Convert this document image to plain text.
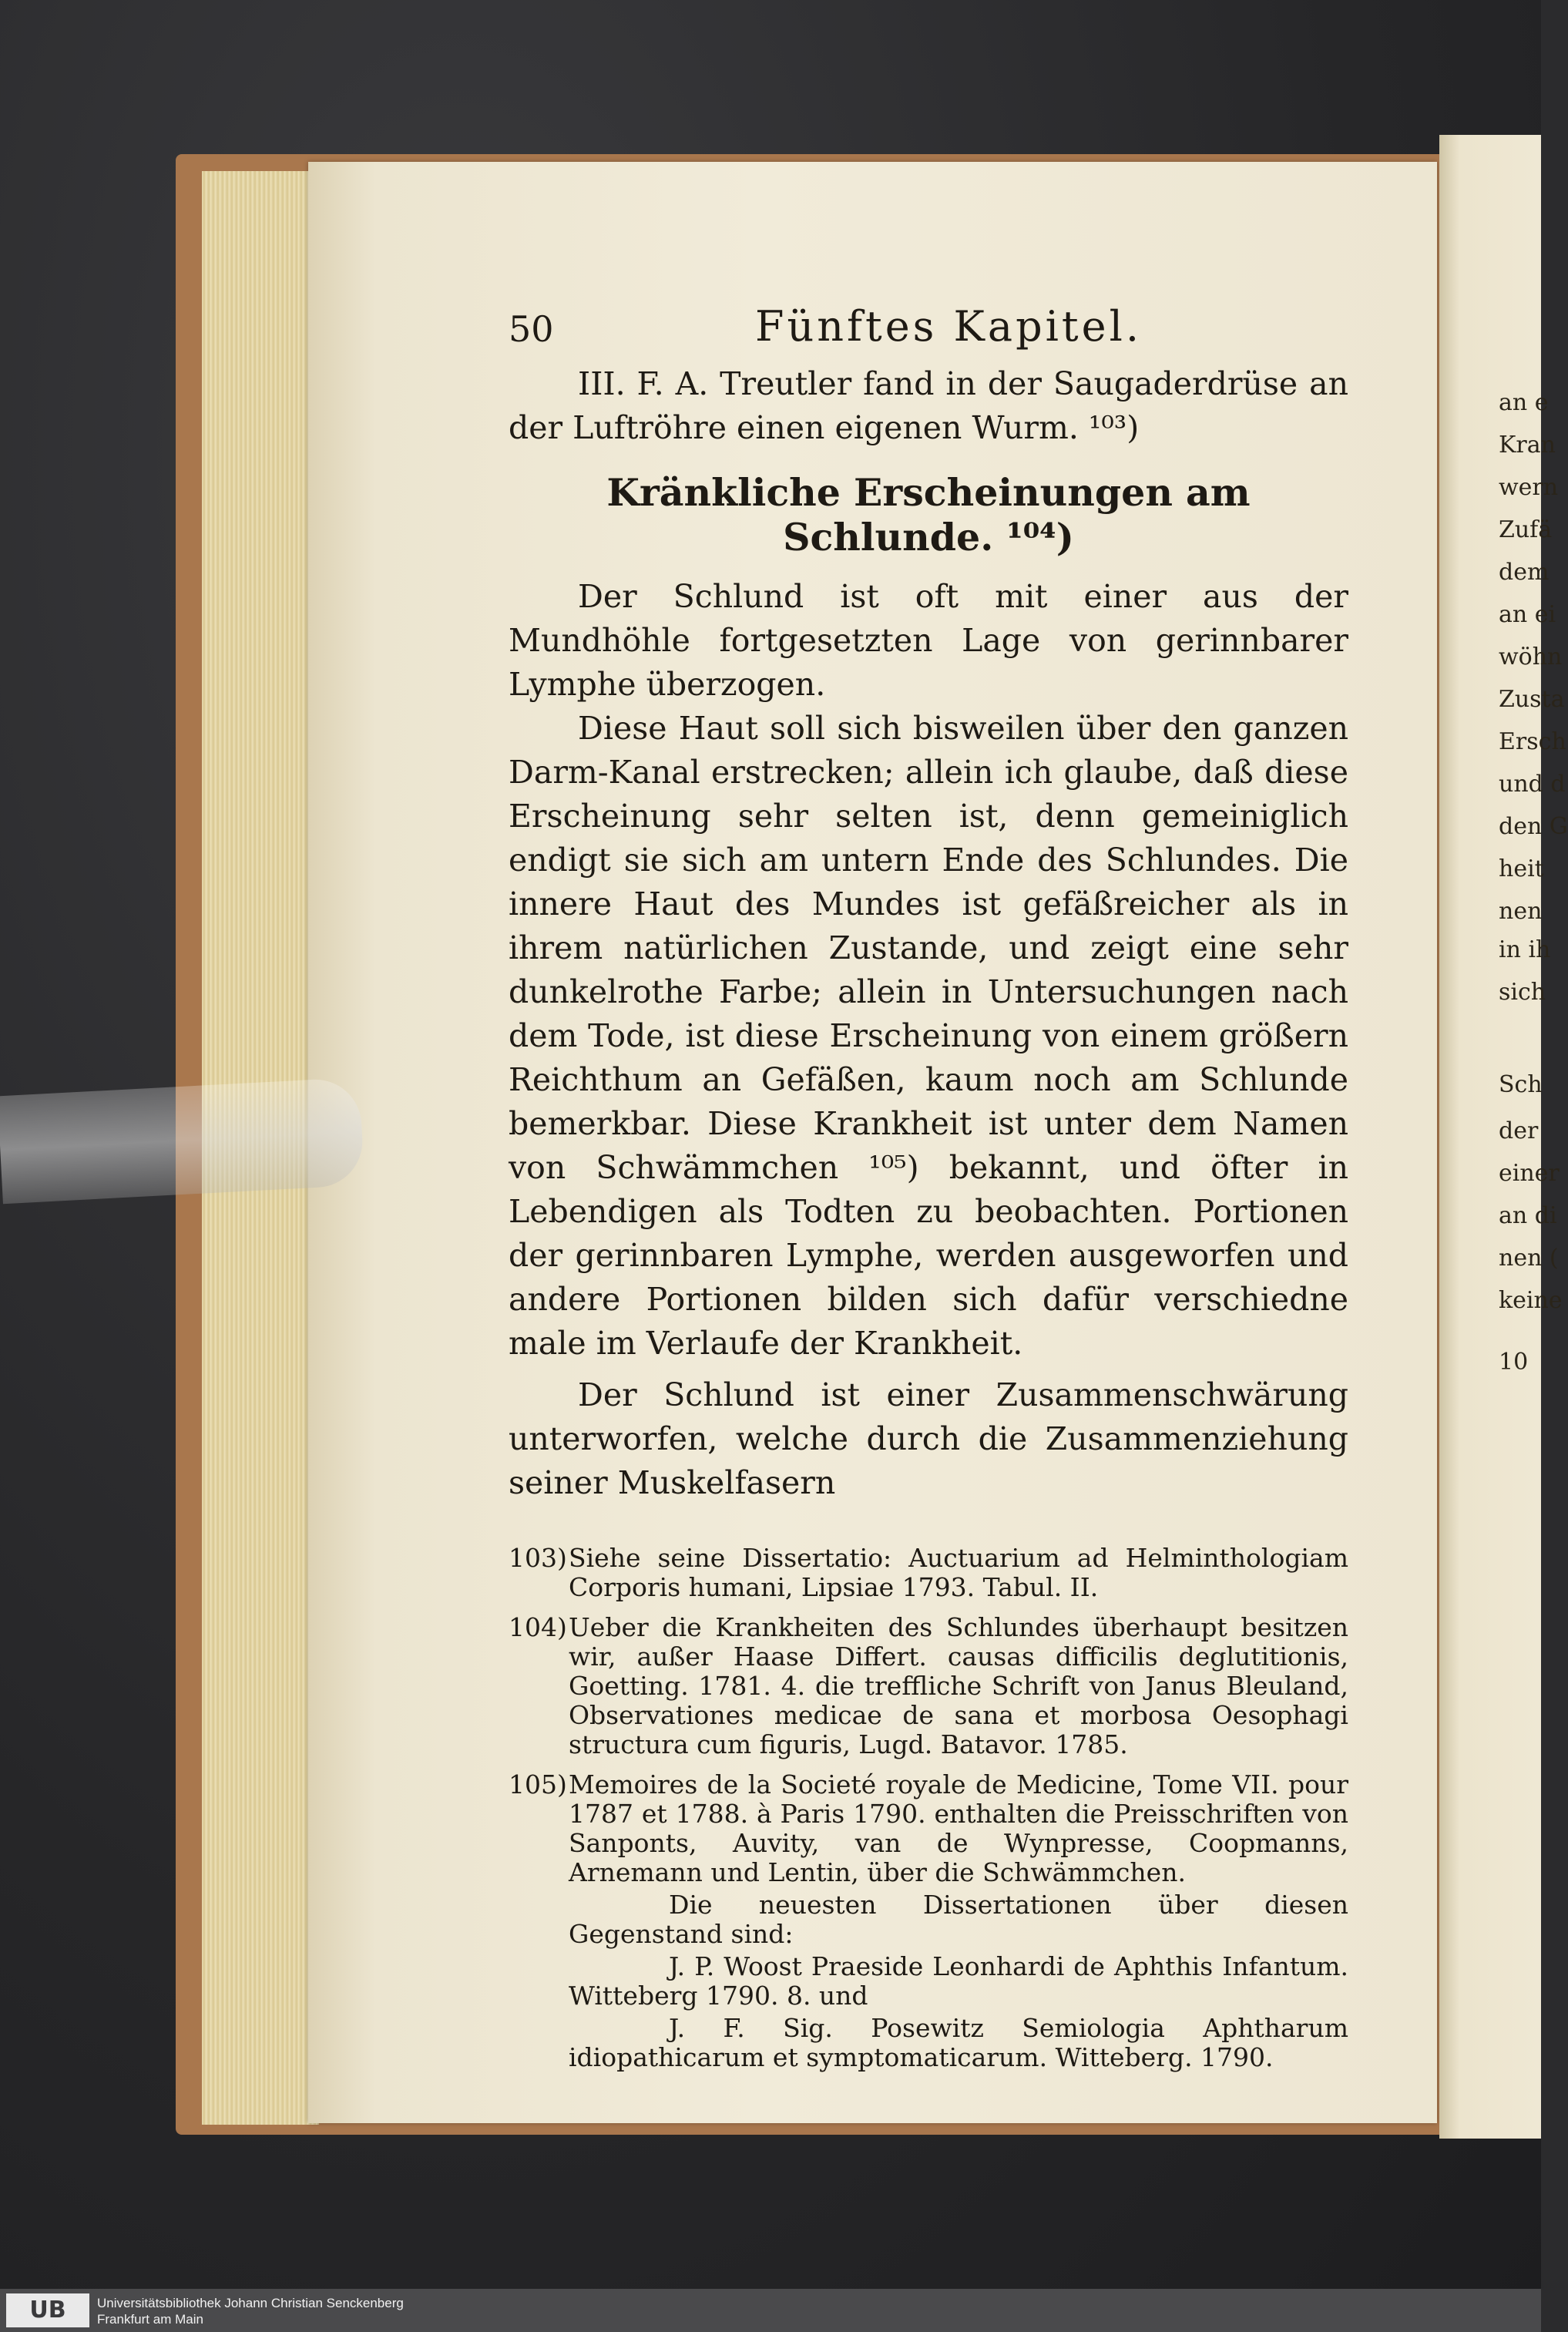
an e
Kran
wern
Zufä
dem
an ei
wöhn
Zusta
Ersch
und d
den G
heit
nen
in ih
sich
Sch
der
einer
an di
nen (
keine
10
50	Fünftes Kapitel.

III. F. A. Treutler fand in der Saugaderdrüse an der Luftröhre einen eigenen Wurm. ¹⁰³)

Kränkliche Erscheinungen am Schlunde. ¹⁰⁴)

Der Schlund ist oft mit einer aus der Mundhöhle fortgesetzten Lage von gerinnbarer Lymphe überzogen.

Diese Haut soll sich bisweilen über den ganzen Darm-Kanal erstrecken; allein ich glaube, daß diese Erscheinung sehr selten ist, denn gemeiniglich endigt sie sich am untern Ende des Schlundes. Die innere Haut des Mundes ist gefäßreicher als in ihrem natürlichen Zustande, und zeigt eine sehr dunkelrothe Farbe; allein in Untersuchungen nach dem Tode, ist diese Erscheinung von einem größern Reichthum an Gefäßen, kaum noch am Schlunde bemerkbar. Diese Krankheit ist unter dem Namen von Schwämmchen ¹⁰⁵) bekannt, und öfter in Lebendigen als Todten zu beobachten. Portionen der gerinnbaren Lymphe, werden ausgeworfen und andere Portionen bilden sich dafür verschiedne male im Verlaufe der Krankheit.

Der Schlund ist einer Zusammenschwärung unterworfen, welche durch die Zusammenziehung seiner Muskelfasern

103) Siehe seine Dissertatio: Auctuarium ad Helminthologiam Corporis humani, Lipsiae 1793. Tabul. II.
104) Ueber die Krankheiten des Schlundes überhaupt besitzen wir, außer Haase Differt. causas difficilis deglutitionis, Goetting. 1781. 4. die treffliche Schrift von Janus Bleuland, Observationes medicae de sana et morbosa Oesophagi structura cum figuris, Lugd. Batavor. 1785.
105) Memoires de la Societé royale de Medicine, Tome VII. pour 1787 et 1788. à Paris 1790. enthalten die Preisschriften von Sanponts, Auvity, van de Wynpresse, Coopmanns, Arnemann und Lentin, über die Schwämmchen.
Die neuesten Dissertationen über diesen Gegenstand sind:
J. P. Woost Praeside Leonhardi de Aphthis Infantum. Witteberg 1790. 8. und
J. F. Sig. Posewitz Semiologia Aphtharum idiopathicarum et symptomaticarum. Witteberg. 1790.
UB	Universitätsbibliothek Johann Christian Senckenberg
Frankfurt am Main
